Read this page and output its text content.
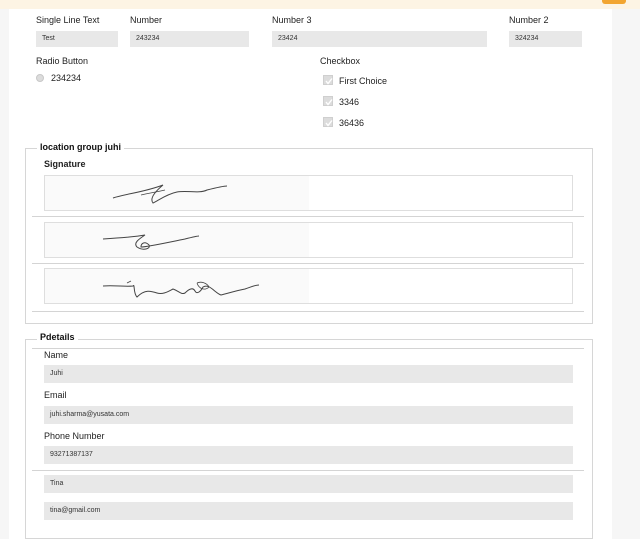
Single Line Text
Test
Number
243234
Number 3
23424
Number 2
324234
Radio Button
234234
Checkbox
First Choice
3346
36436
location group juhi
Signature
Pdetails
Name
Juhi
Email
juhi.sharma@yusata.com
Phone Number
93271387137
Tina
tina@gmail.com
